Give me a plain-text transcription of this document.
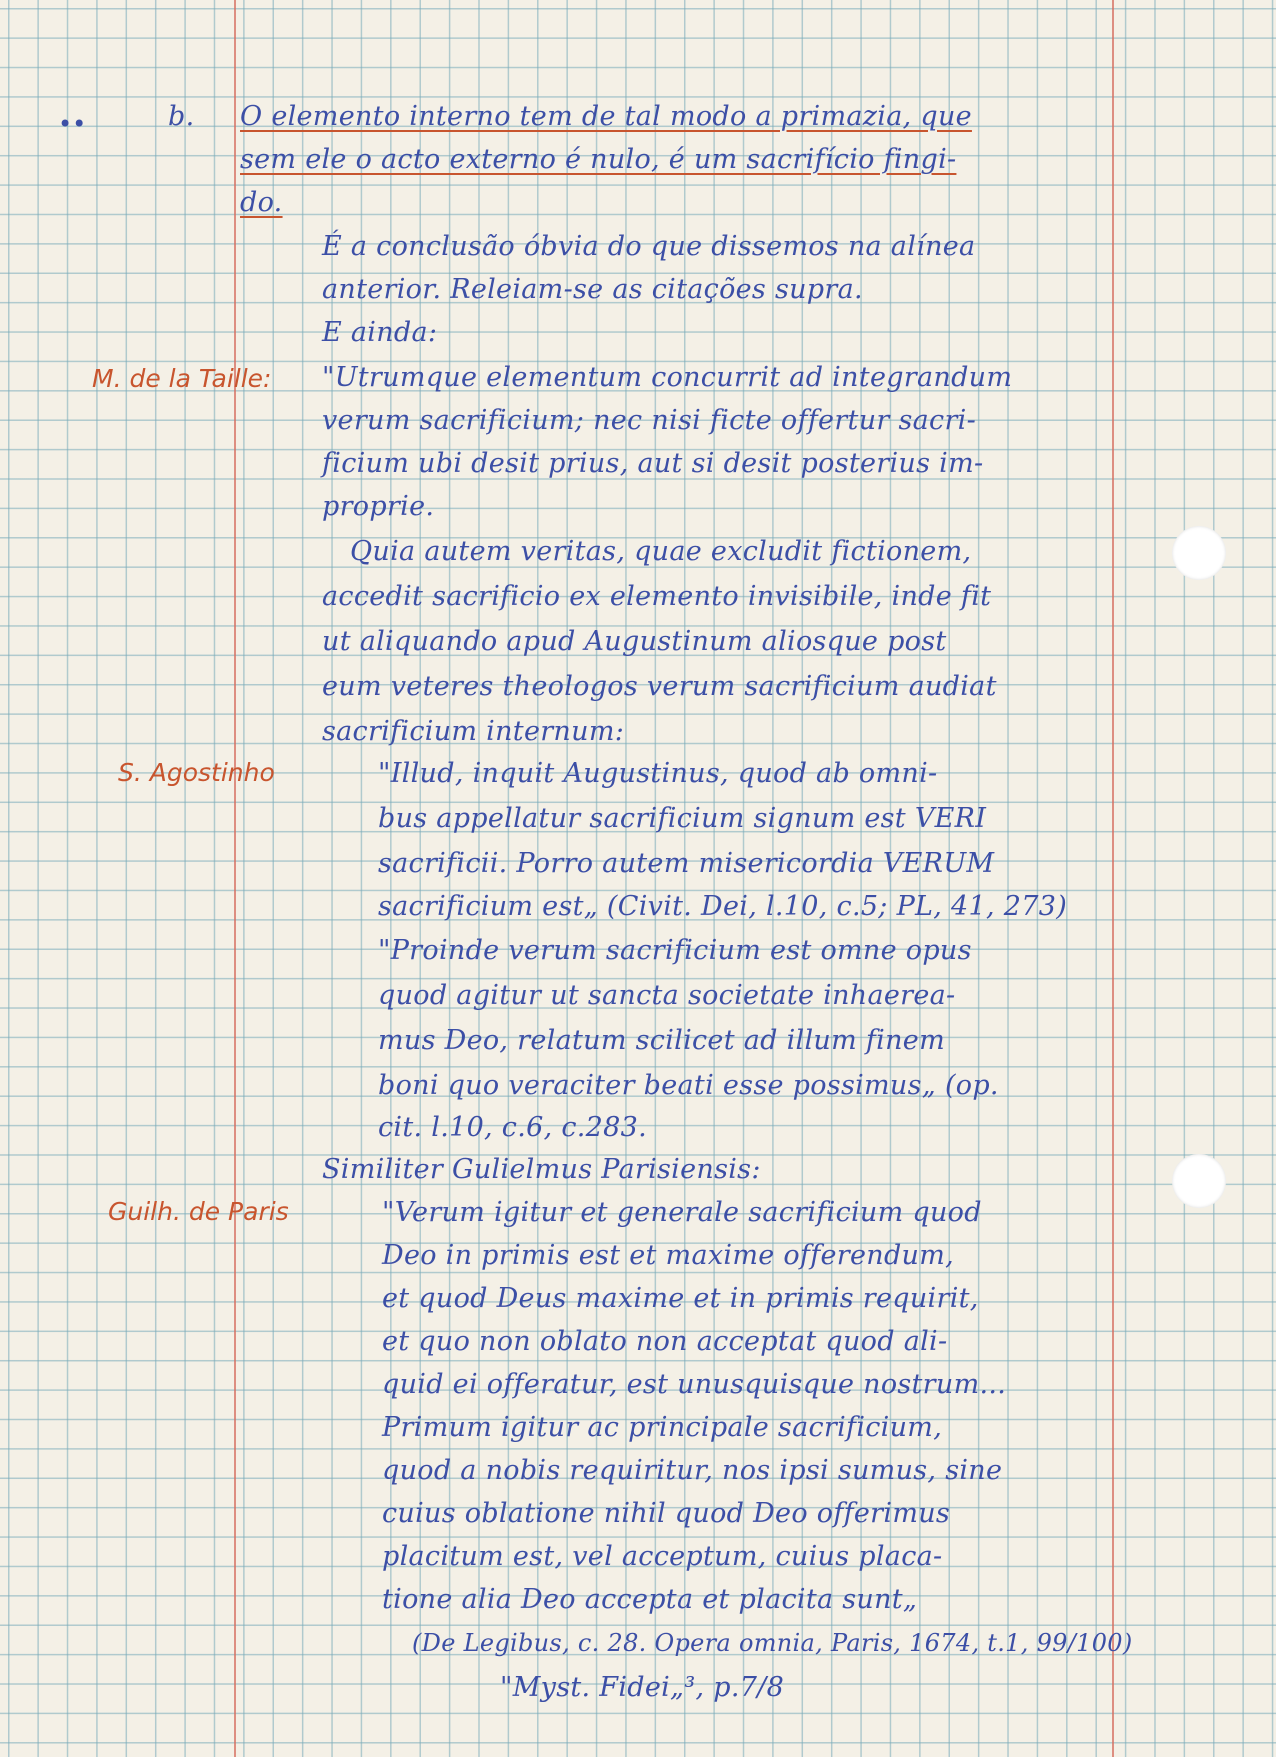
••	b. O elemento interno tem de tal modo a primazia, que
sem ele o acto externo é nulo, é um sacrifício fingi-
do.
É a conclusão óbvia do que dissemos na alínea
anterior. Releiam-se as citações supra.
E ainda:
M. de la Taille:
S. Agostinho
Guilh. de Paris
"Utrumque elementum concurrit ad integrandum
verum sacrificium; nec nisi ficte offertur sacri-
ficium ubi desit prius, aut si desit posterius im-
proprie.
Quia autem veritas, quae excludit fictionem,
accedit sacrificio ex elemento invisibile, inde fit
ut aliquando apud Augustinum aliosque post
eum veteres theologos verum sacrificium audiat
sacrificium internum:
"Illud, inquit Augustinus, quod ab omni-
bus appellatur sacrificium signum est VERI
sacrificii. Porro autem misericordia VERUM
sacrificium est„ (Civit. Dei, l.10, c.5; PL, 41, 273)
"Proinde verum sacrificium est omne opus
quod agitur ut sancta societate inhaerea-
mus Deo, relatum scilicet ad illum finem
boni quo veraciter beati esse possimus„ (op.
cit. l.10, c.6, c.283.
Similiter Gulielmus Parisiensis:
"Verum igitur et generale sacrificium quod
Deo in primis est et maxime offerendum,
et quod Deus maxime et in primis requirit,
et quo non oblato non acceptat quod ali-
quid ei offeratur, est unusquisque nostrum...
Primum igitur ac principale sacrificium,
quod a nobis requiritur, nos ipsi sumus, sine
cuius oblatione nihil quod Deo offerimus
placitum est, vel acceptum, cuius placa-
tione alia Deo accepta et placita sunt„
(De Legibus, c. 28. Opera omnia, Paris, 1674, t.1, 99/100)
"Myst. Fidei„³, p.7/8
